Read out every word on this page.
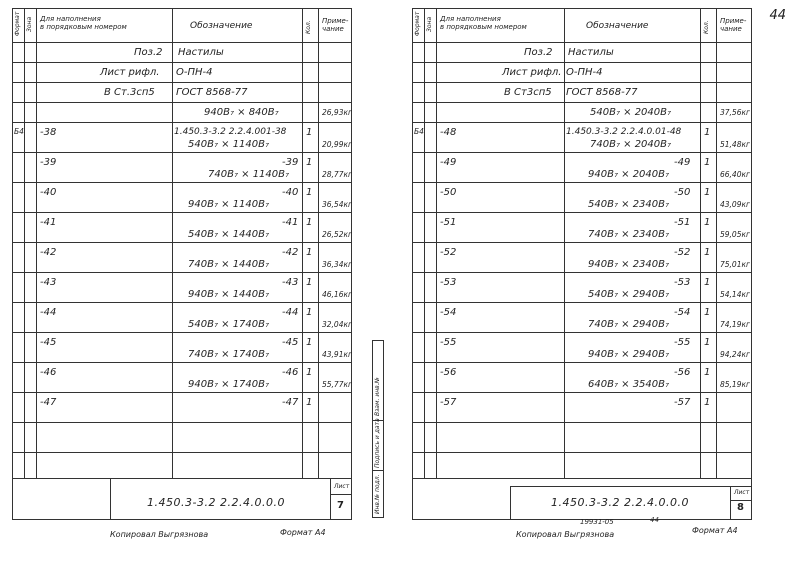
44
Формат Зона Для наполнения
в порядковым номером	Обозначение	Кол. Приме-
чание
Поз.2 Настилы
Лист рифл. О-ПН-4
В Ст.3сп5 ГОСТ 8568-77
940В₇ × 840В₇	26,93кг
Б4 -38	1.450.3-3.2 2.2.4.001-38 1
540В₇ × 1140В₇	20,99кг
-39	-39 1
740В₇ × 1140В₇	28,77кг
-40	-40 1
940В₇ × 1140В₇	36,54кг
-41	-41 1
540В₇ × 1440В₇	26,52кг
-42	-42 1
740В₇ × 1440В₇	36,34кг
-43	-43 1
940В₇ × 1440В₇	46,16кг
-44	-44 1
540В₇ × 1740В₇	32,04кг
-45	-45 1
740В₇ × 1740В₇	43,91кг
-46	-46 1
940В₇ × 1740В₇	55,77кг
-47	-47 1
1.450.3-3.2 2.2.4.0.0.0
Лист
7
Копировал Выгрязнова	Формат А4
Инв.№ подл.
Подпись и дата
Взам. инв.№
Формат Зона Для наполнения
в порядковым номером	Обозначение	Кол. Приме-
чание
Поз.2 Настилы
Лист рифл. О-ПН-4
В Ст3сп5 ГОСТ 8568-77
540В₇ × 2040В₇	37,56кг
Б4 -48	1.450.3-3.2 2.2.4.0.01-48 1
740В₇ × 2040В₇	51,48кг
-49	-49 1
940В₇ × 2040В₇	66,40кг
-50	-50 1
540В₇ × 2340В₇	43,09кг
-51	-51 1
740В₇ × 2340В₇	59,05кг
-52	-52 1
940В₇ × 2340В₇	75,01кг
-53	-53 1
540В₇ × 2940В₇	54,14кг
-54	-54 1
740В₇ × 2940В₇	74,19кг
-55	-55 1
940В₇ × 2940В₇	94,24кг
-56	-56 1
640В₇ × 3540В₇	85,19кг
-57	-57 1
1.450.3-3.2 2.2.4.0.0.0
Лист
8
19931-05	44
Копировал Выгрязнова	Формат А4
